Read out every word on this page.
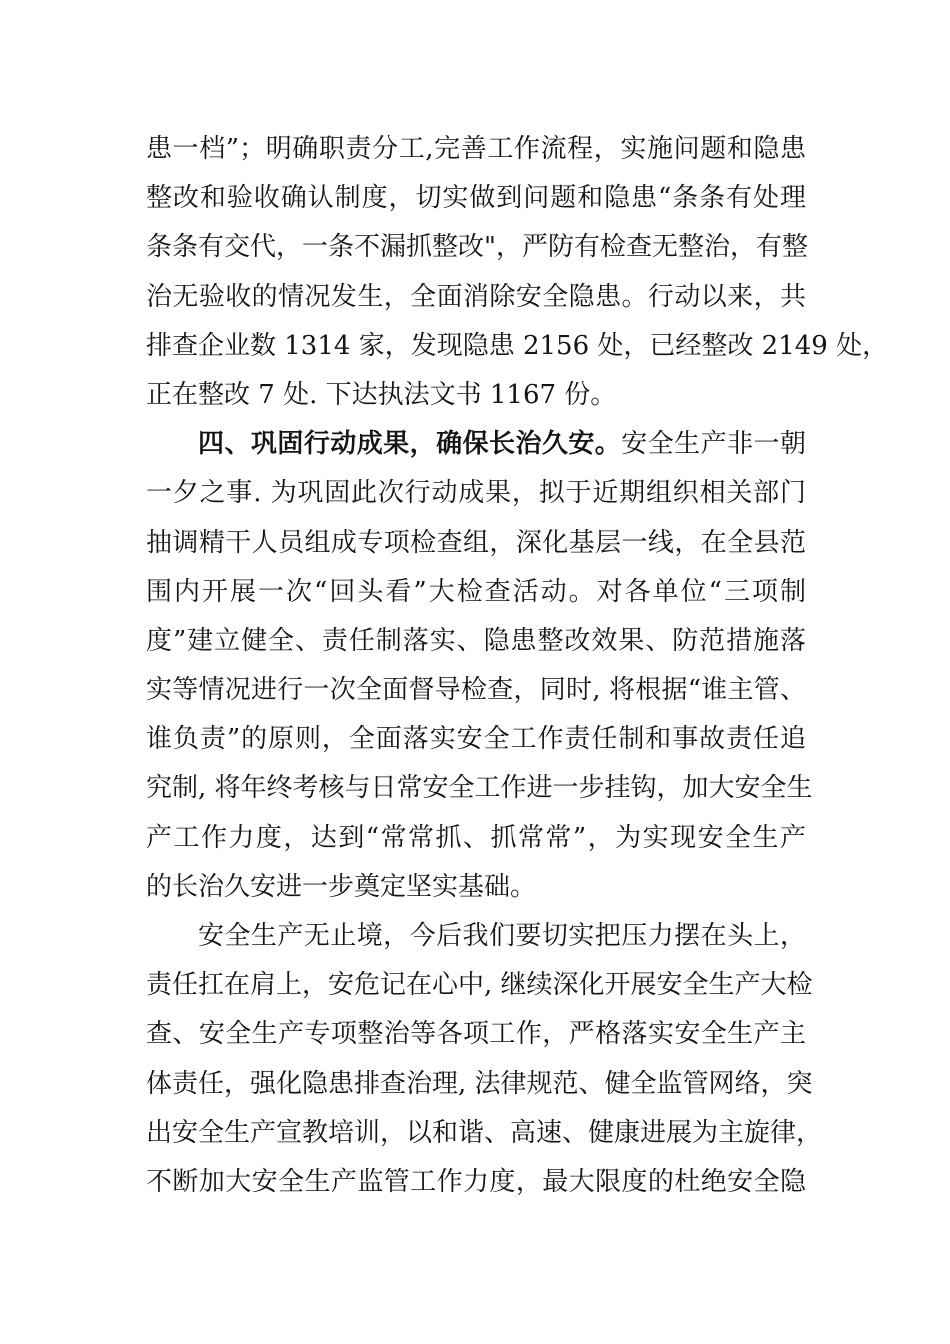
患一档”；明确职责分工,完善工作流程，实施问题和隐患
整改和验收确认制度，切实做到问题和隐患“条条有处理
条条有交代，一条不漏抓整改"，严防有检查无整治，有整
治无验收的情况发生，全面消除安全隐患。行动以来，共
排查企业数 1314 家，发现隐患 2156 处，已经整改 2149 处，
正在整改 7 处. 下达执法文书 1167 份。
四、巩固行动成果，确保长治久安。安全生产非一朝
一夕之事. 为巩固此次行动成果，拟于近期组织相关部门
抽调精干人员组成专项检查组，深化基层一线，在全县范
围内开展一次“回头看”大检查活动。对各单位“三项制
度”建立健全、责任制落实、隐患整改效果、防范措施落
实等情况进行一次全面督导检查，同时, 将根据“谁主管、
谁负责”的原则，全面落实安全工作责任制和事故责任追
究制, 将年终考核与日常安全工作进一步挂钩，加大安全生
产工作力度，达到“常常抓、抓常常”，为实现安全生产
的长治久安进一步奠定坚实基础。
安全生产无止境，今后我们要切实把压力摆在头上，
责任扛在肩上，安危记在心中, 继续深化开展安全生产大检
查、安全生产专项整治等各项工作，严格落实安全生产主
体责任，强化隐患排查治理, 法律规范、健全监管网络，突
出安全生产宣教培训，以和谐、高速、健康进展为主旋律，
不断加大安全生产监管工作力度，最大限度的杜绝安全隐
